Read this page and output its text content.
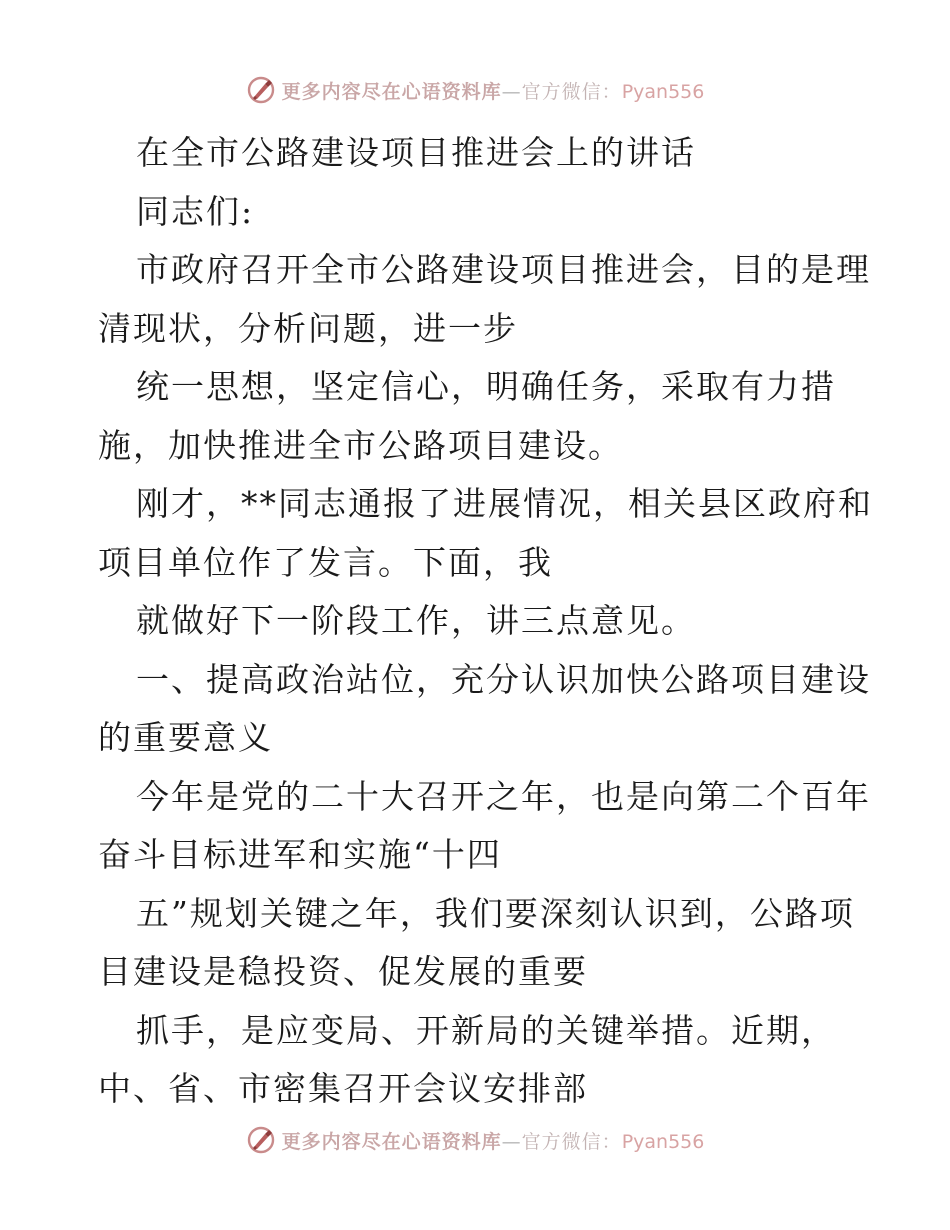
更多内容尽在心语资料库—官方微信：Pyan556
在全市公路建设项目推进会上的讲话
同志们:
市政府召开全市公路建设项目推进会，目的是理
清现状，分析问题，进一步
统一思想，坚定信心，明确任务，采取有力措
施，加快推进全市公路项目建设。
刚才，**同志通报了进展情况，相关县区政府和
项目单位作了发言。下面，我
就做好下一阶段工作，讲三点意见。
一、提高政治站位，充分认识加快公路项目建设
的重要意义
今年是党的二十大召开之年，也是向第二个百年
奋斗目标进军和实施“十四
五”规划关键之年，我们要深刻认识到，公路项
目建设是稳投资、促发展的重要
抓手，是应变局、开新局的关键举措。近期，
中、省、市密集召开会议安排部
更多内容尽在心语资料库—官方微信：Pyan556
